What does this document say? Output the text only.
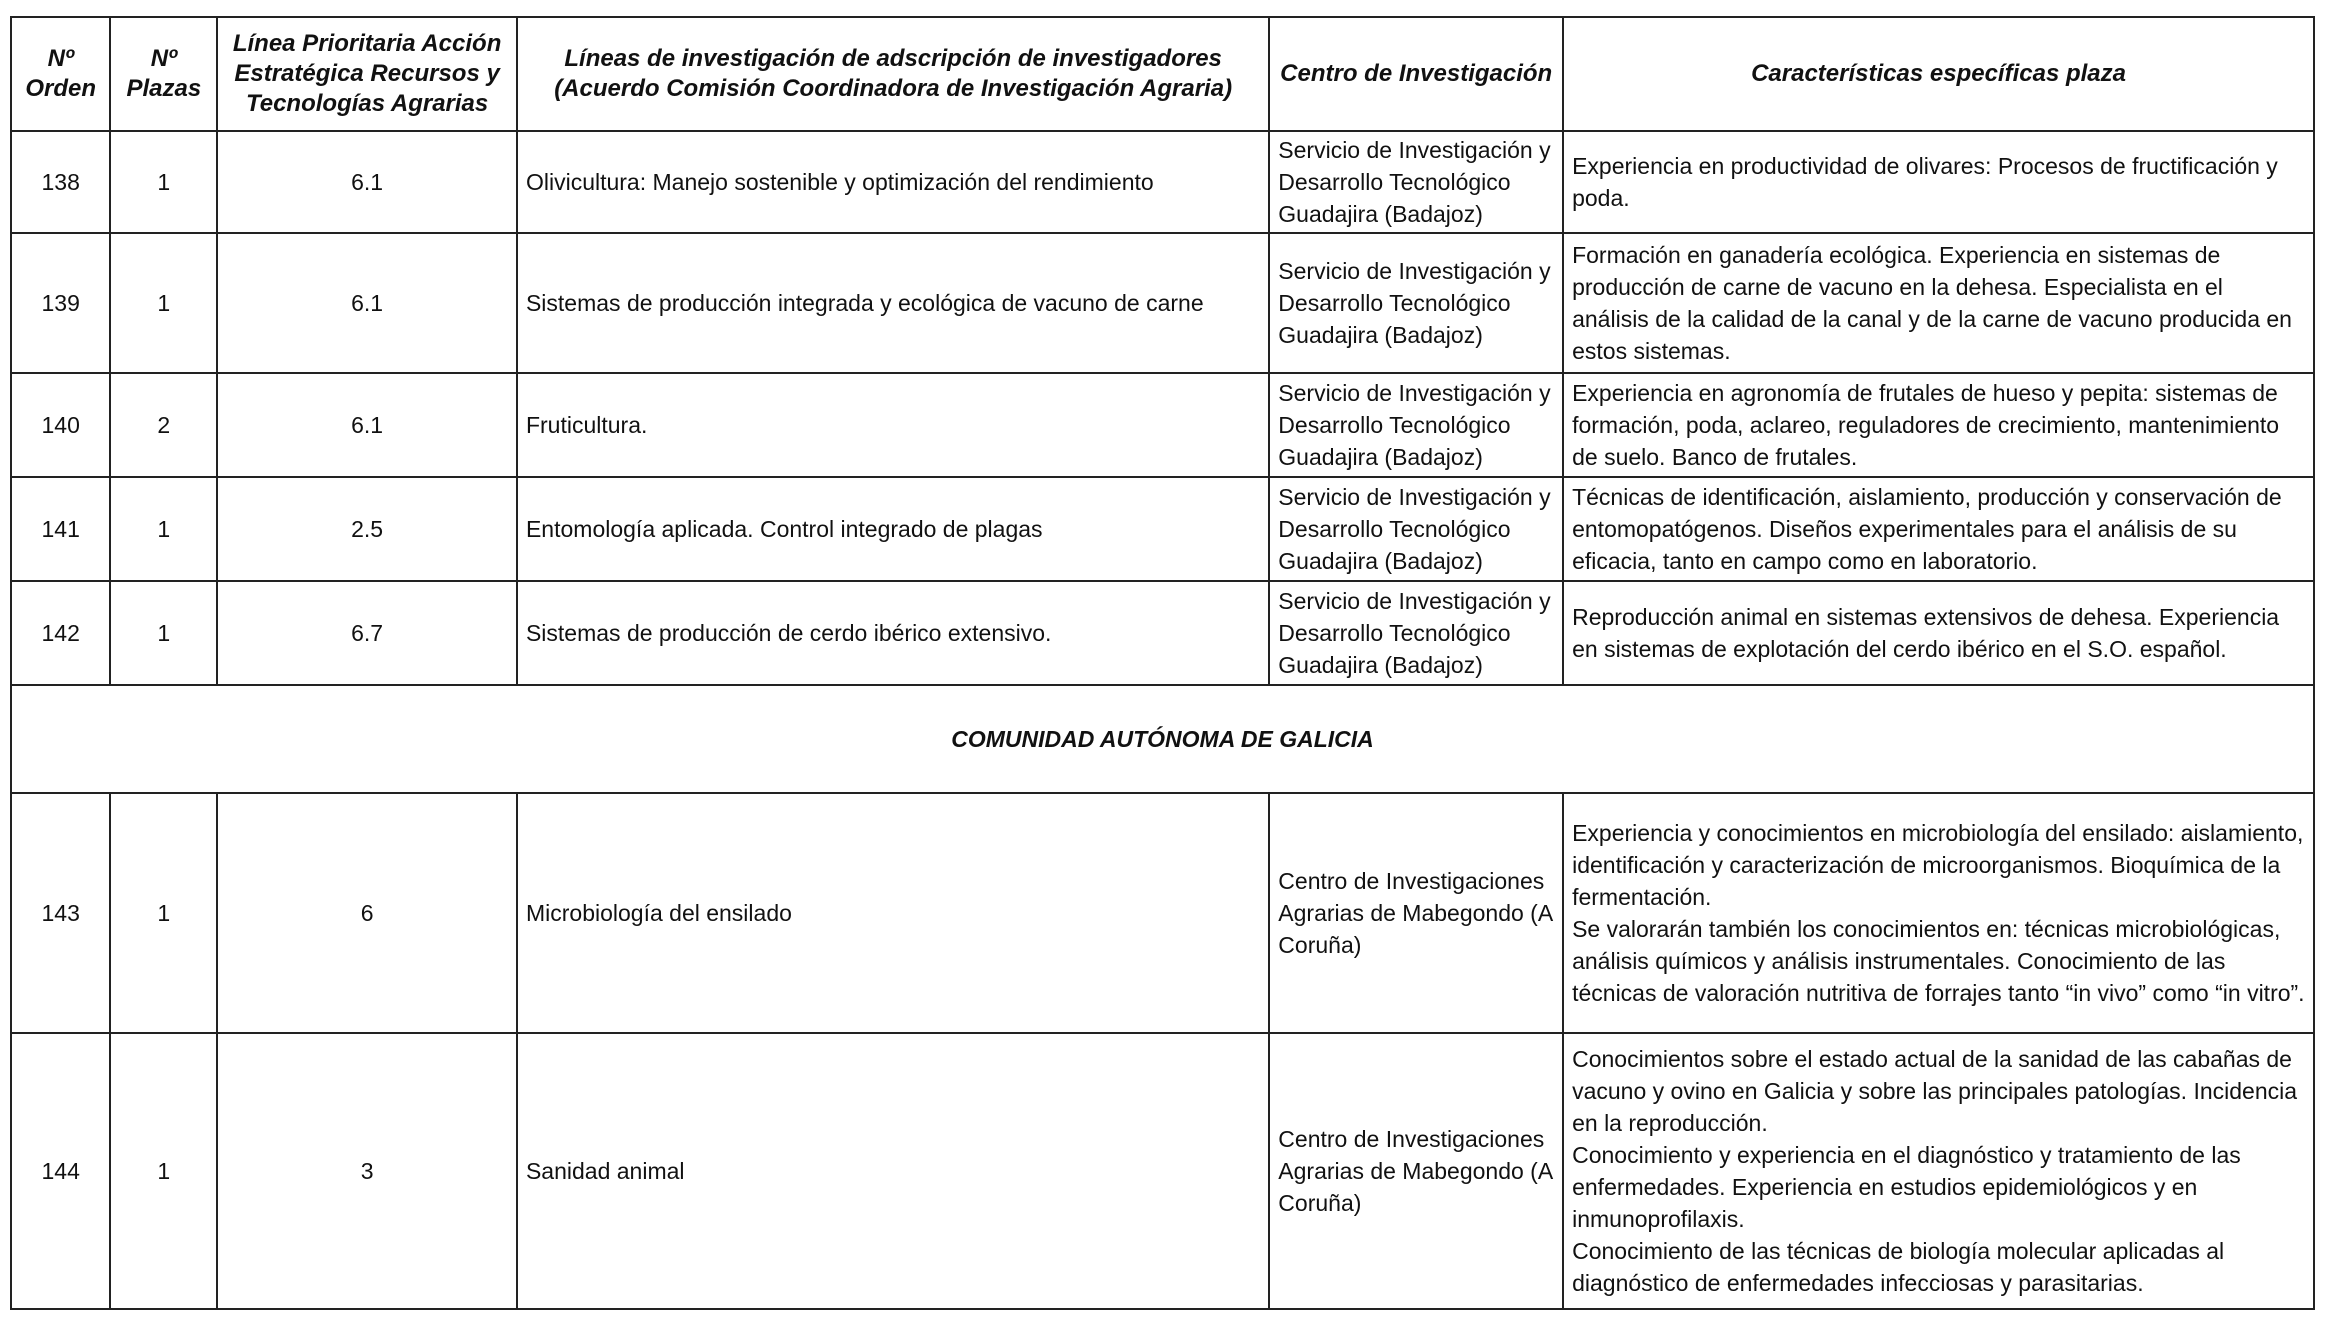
Nº Orden	Nº Plazas	Línea Prioritaria Acción Estratégica Recursos y Tecnologías Agrarias	Líneas de investigación de adscripción de investigadores (Acuerdo Comisión Coordinadora de Investigación Agraria)	Centro de Investigación	Características específicas plaza
138	1	6.1	Olivicultura: Manejo sostenible y optimización del rendimiento	Servicio de Investigación y Desarrollo Tecnológico Guadajira (Badajoz)	Experiencia en productividad de olivares: Procesos de fructificación y poda.
139	1	6.1	Sistemas de producción integrada y ecológica de vacuno de carne	Servicio de Investigación y Desarrollo Tecnológico Guadajira (Badajoz)	Formación en ganadería ecológica. Experiencia en sistemas de producción de carne de vacuno en la dehesa. Especialista en el análisis de la calidad de la canal y de la carne de vacuno producida en estos sistemas.
140	2	6.1	Fruticultura.	Servicio de Investigación y Desarrollo Tecnológico Guadajira (Badajoz)	Experiencia en agronomía de frutales de hueso y pepita: sistemas de formación, poda, aclareo, reguladores de crecimiento, mantenimiento de suelo. Banco de frutales.
141	1	2.5	Entomología aplicada. Control integrado de plagas	Servicio de Investigación y Desarrollo Tecnológico Guadajira (Badajoz)	Técnicas de identificación, aislamiento, producción y conservación de entomopatógenos. Diseños experimentales para el análisis de su eficacia, tanto en campo como en laboratorio.
142	1	6.7	Sistemas de producción de cerdo ibérico extensivo.	Servicio de Investigación y Desarrollo Tecnológico Guadajira (Badajoz)	Reproducción animal en sistemas extensivos de dehesa. Experiencia en sistemas de explotación del cerdo ibérico en el S.O. español.
COMUNIDAD AUTÓNOMA DE GALICIA					
143	1	6	Microbiología del ensilado	Centro de Investigaciones Agrarias de Mabegondo (A Coruña)	Experiencia y conocimientos en microbiología del ensilado: aislamiento, identificación y caracterización de microorganismos. Bioquímica de la fermentación.
Se valorarán también los conocimientos en: técnicas microbiológicas, análisis químicos y análisis instrumentales. Conocimiento de las técnicas de valoración nutritiva de forrajes tanto “in vivo” como “in vitro”.

144	1	3	Sanidad animal	Centro de Investigaciones Agrarias de Mabegondo (A Coruña)	Conocimientos sobre el estado actual de la sanidad de las cabañas de vacuno y ovino en Galicia y sobre las principales patologías. Incidencia en la reproducción.
Conocimiento y experiencia en el diagnóstico y tratamiento de las enfermedades. Experiencia en estudios epidemiológicos y en inmunoprofilaxis.
Conocimiento de las técnicas de biología molecular aplicadas al diagnóstico de enfermedades infecciosas y parasitarias.
